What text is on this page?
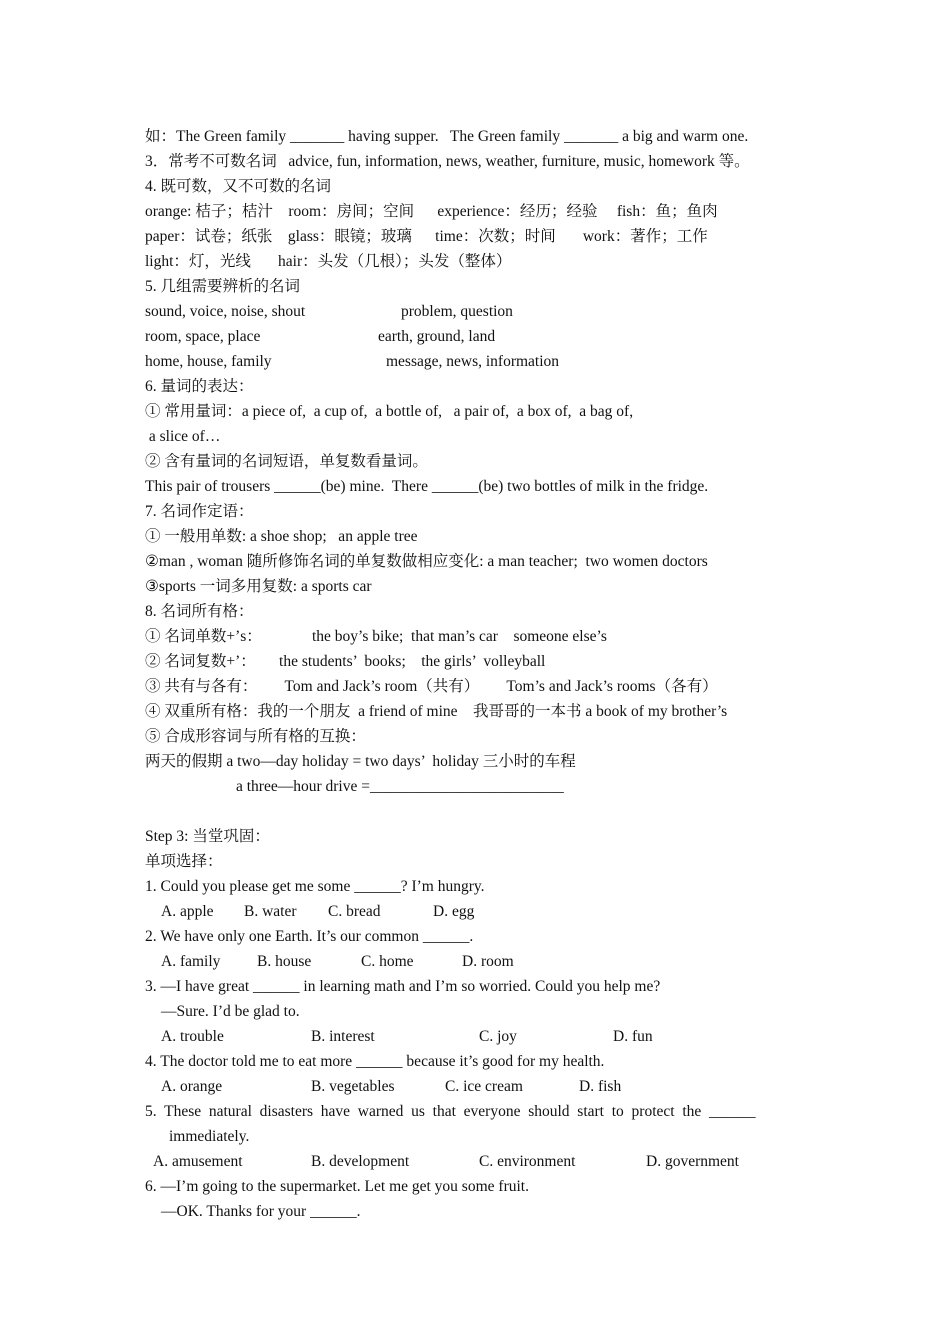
如：The Green family _______ having supper.   The Green family _______ a big and warm one.
3．常考不可数名词   advice, fun, information, news, weather, furniture, music, homework 等。
4. 既可数，又不可数的名词
orange: 桔子；桔汁    room：房间；空间      experience：经历；经验     fish：鱼；鱼肉
paper：试卷；纸张    glass：眼镜；玻璃      time：次数；时间       work：著作；工作
light：灯，光线       hair：头发（几根）；头发（整体）
5. 几组需要辨析的名词
sound, voice, noise, shout	problem, question
room, space, place	earth, ground, land
home, house, family	message, news, information
6. 量词的表达：
① 常用量词：a piece of,  a cup of,  a bottle of,   a pair of,  a box of,  a bag of,
a slice of…
② 含有量词的名词短语，单复数看量词。
This pair of trousers ______(be) mine.  There ______(be) two bottles of milk in the fridge.
7. 名词作定语：
① 一般用单数: a shoe shop;   an apple tree
②man , woman 随所修饰名词的单复数做相应变化: a man teacher;  two women doctors
③sports 一词多用复数: a sports car
8. 名词所有格：
① 名词单数+’s：	the boy’s bike;  that man’s car    someone else’s
② 名词复数+’：      the students’  books;    the girls’  volleyball
③ 共有与各有：       Tom and Jack’s room（共有）       Tom’s and Jack’s rooms（各有）
④ 双重所有格：我的一个朋友  a friend of mine    我哥哥的一本书 a book of my brother’s
⑤ 合成形容词与所有格的互换：
两天的假期 a two—day holiday = two days’  holiday 三小时的车程
a three—hour drive =_________________________
Step 3: 当堂巩固：
单项选择：
1. Could you please get me some ______? I’m hungry.
A. apple B. water C. bread	D. egg
2. We have only one Earth. It’s our common ______.
A. family B. house	C. home	D. room
3. —I have great ______ in learning math and I’m so worried. Could you help me?
—Sure. I’d be glad to.
A. trouble	B. interest	C. joy	D. fun
4. The doctor told me to eat more ______ because it’s good for my health.
A. orange	B. vegetables	C. ice cream	D. fish
5.  These  natural  disasters  have  warned  us  that  everyone  should  start  to  protect  the  ______
immediately.
A. amusement	B. development	C. environment	D. government
6. —I’m going to the supermarket. Let me get you some fruit.
—OK. Thanks for your ______.
